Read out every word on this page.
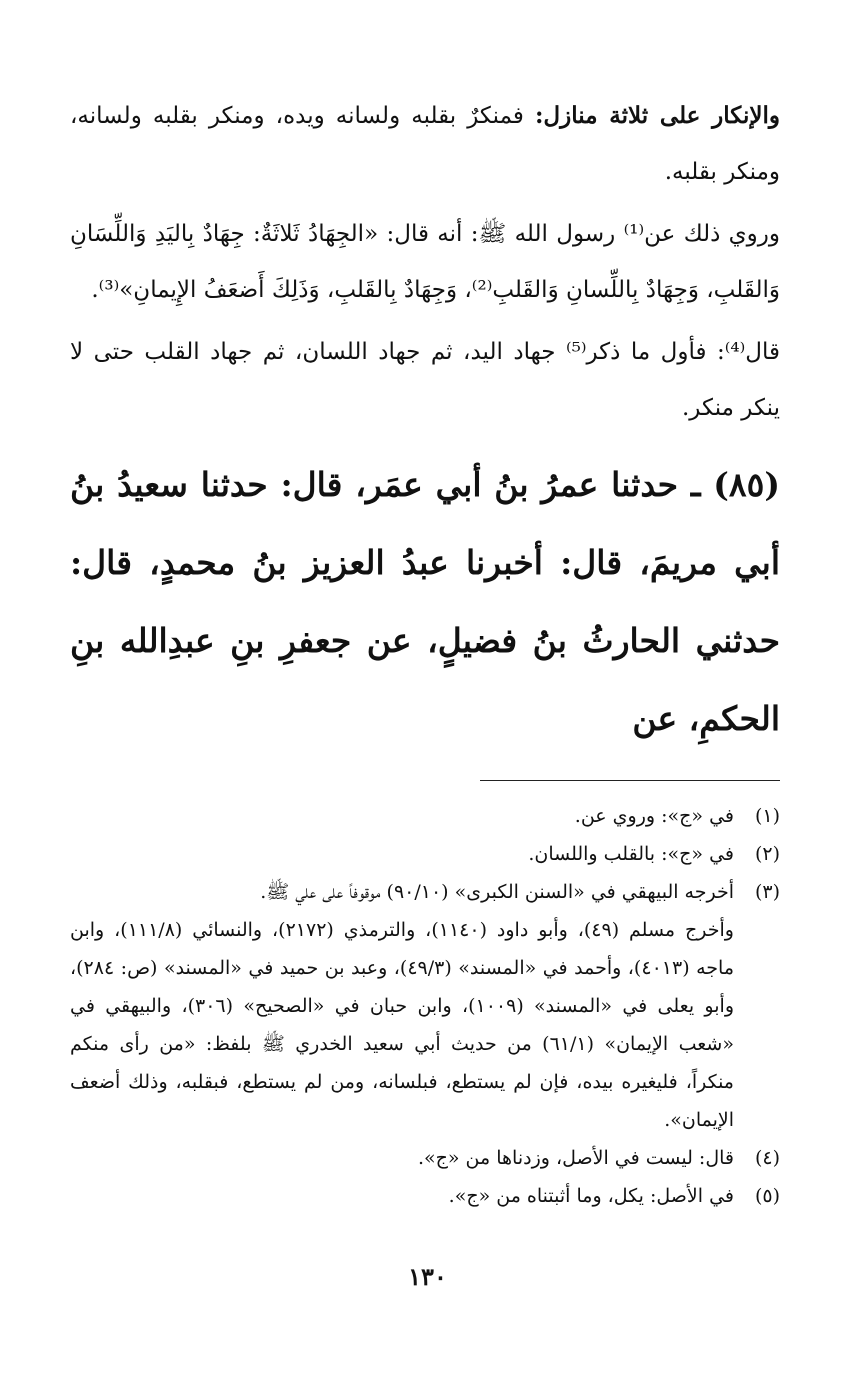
والإنكار على ثلاثة منازل: فمنكرٌ بقلبه ولسانه ويده، ومنكر بقلبه ولسانه، ومنكر بقلبه.

وروي ذلك عن⁽¹⁾ رسول الله ﷺ: أنه قال: «الجِهَادُ ثَلاثَةٌ: جِهَادٌ بِاليَدِ وَاللِّسَانِ وَالقَلبِ، وَجِهَادٌ بِاللِّسانِ وَالقَلبِ⁽²⁾، وَجِهَادٌ بِالقَلبِ، وَذَلِكَ أَضعَفُ الإِيمانِ»⁽³⁾.

قال⁽⁴⁾: فأول ما ذكر⁽⁵⁾ جهاد اليد، ثم جهاد اللسان، ثم جهاد القلب حتى لا ينكر منكر.

(٨٥) ـ حدثنا عمرُ بنُ أبي عمَر، قال: حدثنا سعيدُ بنُ أبي مريمَ، قال: أخبرنا عبدُ العزيز بنُ محمدٍ، قال: حدثني الحارثُ بنُ فضيلٍ، عن جعفرِ بنِ عبدِالله بنِ الحكمِ، عن

(١)
في «ج»: وروي عن.
(٢)
في «ج»: بالقلب واللسان.
(٣)
أخرجه البيهقي في «السنن الكبرى» (٩٠/١٠) موقوفاً على علي ﷺ.
وأخرج مسلم (٤٩)، وأبو داود (١١٤٠)، والترمذي (٢١٧٢)، والنسائي (١١١/٨)، وابن ماجه (٤٠١٣)، وأحمد في «المسند» (٤٩/٣)، وعبد بن حميد في «المسند» (ص: ٢٨٤)، وأبو يعلى في «المسند» (١٠٠٩)، وابن حبان في «الصحيح» (٣٠٦)، والبيهقي في «شعب الإيمان» (٦١/١) من حديث أبي سعيد الخدري ﷺ بلفظ: «من رأى منكم منكراً، فليغيره بيده، فإن لم يستطع، فبلسانه، ومن لم يستطع، فبقلبه، وذلك أضعف الإيمان».
(٤)
قال: ليست في الأصل، وزدناها من «ج».
(٥)
في الأصل: يكل، وما أثبتناه من «ج».
١٣٠
